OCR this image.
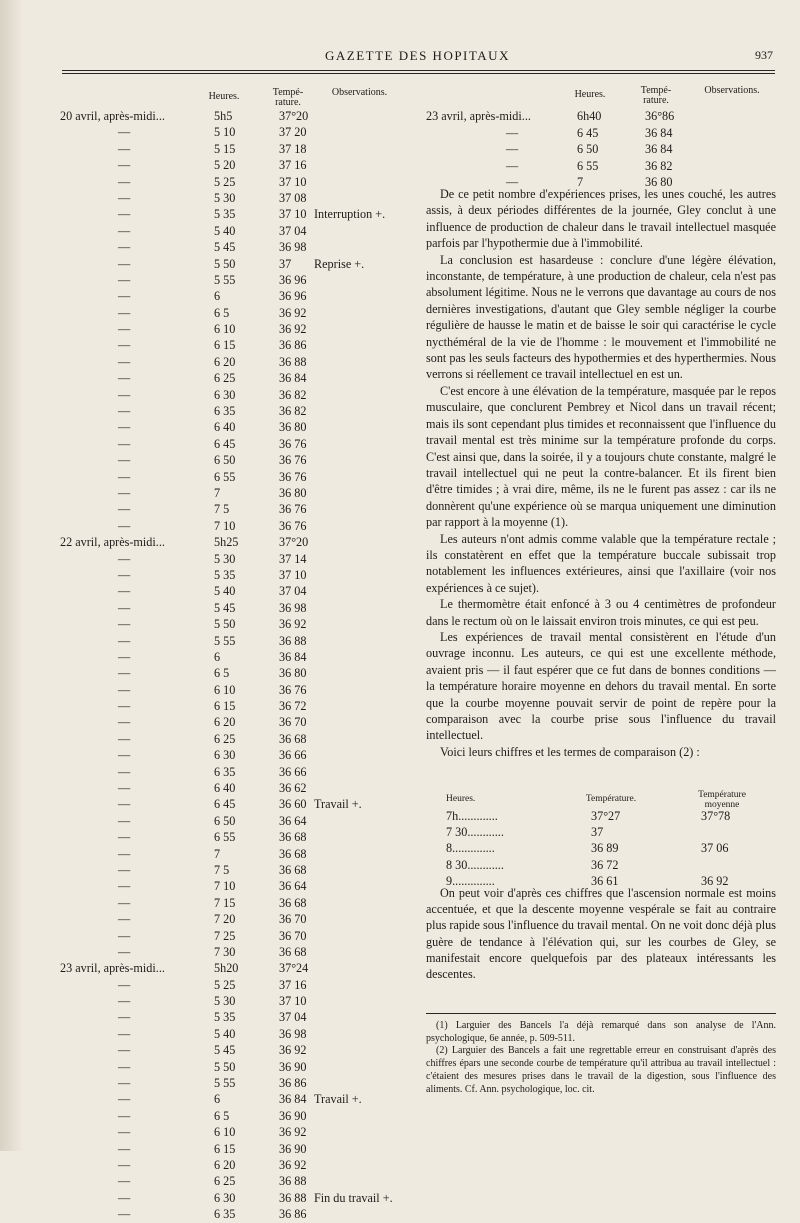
GAZETTE DES HOPITAUX	937
Heures.	Tempé-rature.
Observations.
20 avril, après-midi...	5h5	37°20
—	5 10	37 20
—	5 15	37 18
—	5 20	37 16
—	5 25	37 10
—	5 30	37 08
—	5 35	37 10 Interruption +.
—	5 40	37 04
—	5 45	36 98
—	5 50	37 Reprise +.
—	5 55	36 96
—	6	36 96
—	6 5	36 92
—	6 10	36 92
—	6 15	36 86
—	6 20	36 88
—	6 25	36 84
—	6 30	36 82
—	6 35	36 82
—	6 40	36 80
—	6 45	36 76
—	6 50	36 76
—	6 55	36 76
—	7	36 80
—	7 5	36 76
—	7 10	36 76
22 avril, après-midi...	5h25	37°20
—	5 30	37 14
—	5 35	37 10
—	5 40	37 04
—	5 45	36 98
—	5 50	36 92
—	5 55	36 88
—	6	36 84
—	6 5	36 80
—	6 10	36 76
—	6 15	36 72
—	6 20	36 70
—	6 25	36 68
—	6 30	36 66
—	6 35	36 66
—	6 40	36 62
—	6 45	36 60 Travail +.
—	6 50	36 64
—	6 55	36 68
—	7	36 68
—	7 5	36 68
—	7 10	36 64
—	7 15	36 68
—	7 20	36 70
—	7 25	36 70
—	7 30	36 68
23 avril, après-midi...	5h20	37°24
—	5 25	37 16
—	5 30	37 10
—	5 35	37 04
—	5 40	36 98
—	5 45	36 92
—	5 50	36 90
—	5 55	36 86
—	6	36 84 Travail +.
—	6 5	36 90
—	6 10	36 92
—	6 15	36 90
—	6 20	36 92
—	6 25	36 88
—	6 30	36 88 Fin du travail +.
—	6 35	36 86
Heures.	Tempé-rature.
Observations.
23 avril, après-midi...	6h40	36°86
—	6 45	36 84
—	6 50	36 84
—	6 55	36 82
—	7	36 80

De ce petit nombre d'expériences prises, les unes couché, les autres assis, à deux périodes différentes de la journée, Gley conclut à une influence de production de chaleur dans le travail intellectuel masquée parfois par l'hypothermie due à l'immobilité.

La conclusion est hasardeuse : conclure d'une légère élévation, inconstante, de température, à une production de chaleur, cela n'est pas absolument légitime. Nous ne le verrons que davantage au cours de nos dernières investigations, d'autant que Gley semble négliger la courbe régulière de hausse le matin et de baisse le soir qui caractérise le cycle nycthéméral de la vie de l'homme : le mouvement et l'immobilité ne sont pas les seuls facteurs des hypothermies et des hyperthermies. Nous verrons si réellement ce travail intellectuel en est un.

C'est encore à une élévation de la température, masquée par le repos musculaire, que conclurent Pembrey et Nicol dans un travail récent; mais ils sont cependant plus timides et reconnaissent que l'influence du travail mental est très minime sur la température profonde du corps. C'est ainsi que, dans la soirée, il y a toujours chute constante, malgré le travail intellectuel qui ne peut la contre-balancer. Et ils firent bien d'être timides ; à vrai dire, même, ils ne le furent pas assez : car ils ne donnèrent qu'une expérience où se marqua uniquement une diminution par rapport à la moyenne (1).

Les auteurs n'ont admis comme valable que la température rectale ; ils constatèrent en effet que la température buccale subissait trop notablement les influences extérieures, ainsi que l'axillaire (voir nos expériences à ce sujet).

Le thermomètre était enfoncé à 3 ou 4 centimètres de profondeur dans le rectum où on le laissait environ trois minutes, ce qui est peu.

Les expériences de travail mental consistèrent en l'étude d'un ouvrage inconnu. Les auteurs, ce qui est une excellente méthode, avaient pris — il faut espérer que ce fut dans de bonnes conditions — la température horaire moyenne en dehors du travail mental. En sorte que la courbe moyenne pouvait servir de point de repère pour la comparaison avec la courbe prise sous l'influence du travail intellectuel.

Voici leurs chiffres et les termes de comparaison (2) :

Heures.	Température.	Température moyenne
7h.............	37°27	37°78
7 30............	37
8..............	36 89	37 06
8 30............	36 72
9..............	36 61	36 92

On peut voir d'après ces chiffres que l'ascension normale est moins accentuée, et que la descente moyenne vespérale se fait au contraire plus rapide sous l'influence du travail mental. On ne voit donc déjà plus guère de tendance à l'élévation qui, sur les courbes de Gley, se manifestait encore quelquefois par des plateaux intéressants les descentes.

(1) Larguier des Bancels l'a déjà remarqué dans son analyse de l'Ann. psychologique, 6e année, p. 509-511.

(2) Larguier des Bancels a fait une regrettable erreur en construisant d'après des chiffres épars une seconde courbe de température qu'il attribua au travail intellectuel : c'étaient des mesures prises dans le travail de la digestion, sous l'influence des aliments. Cf. Ann. psychologique, loc. cit.
